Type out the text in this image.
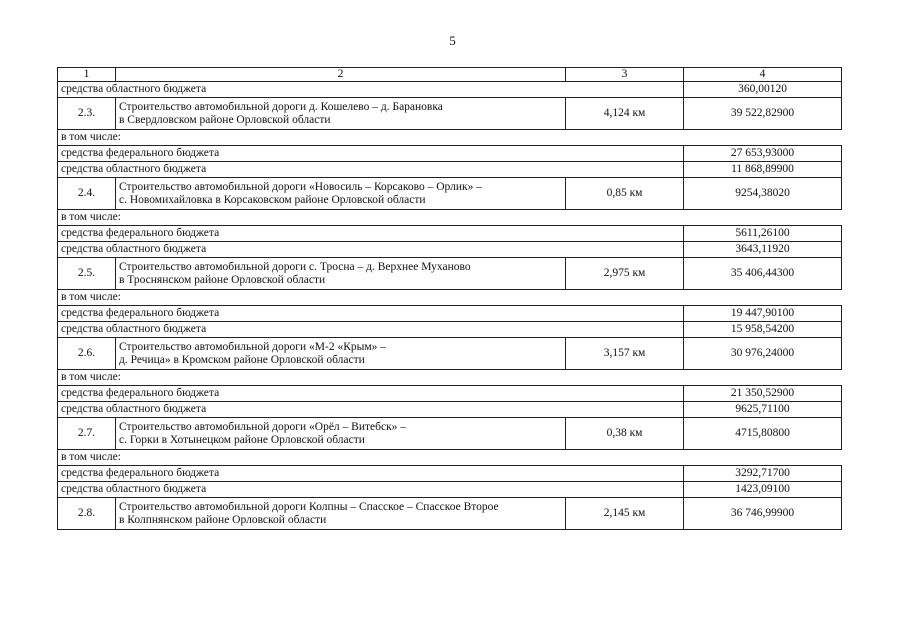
5
1	2	3	4
средства областного бюджета			360,00120
2.3.	Строительство автомобильной дороги д. Кошелево – д. Барановка
в Свердловском районе Орловской области	4,124 км	39 522,82900
в том числе:			
средства федерального бюджета			27 653,93000
средства областного бюджета			11 868,89900
2.4.	Строительство автомобильной дороги «Новосиль – Корсаково – Орлик» –
с. Новомихайловка в Корсаковском районе Орловской области	0,85 км	9254,38020
в том числе:			
средства федерального бюджета			5611,26100
средства областного бюджета			3643,11920
2.5.	Строительство автомобильной дороги с. Тросна – д. Верхнее Муханово
в Троснянском районе Орловской области	2,975 км	35 406,44300
в том числе:			
средства федерального бюджета			19 447,90100
средства областного бюджета			15 958,54200
2.6.	Строительство автомобильной дороги «М-2 «Крым» –
д. Речица» в Кромском районе Орловской области	3,157 км	30 976,24000
в том числе:			
средства федерального бюджета			21 350,52900
средства областного бюджета			9625,71100
2.7.	Строительство автомобильной дороги «Орёл – Витебск» –
с. Горки в Хотынецком районе Орловской области	0,38 км	4715,80800
в том числе:			
средства федерального бюджета			3292,71700
средства областного бюджета			1423,09100
2.8.	Строительство автомобильной дороги Колпны – Спасское – Спасское Второе
в Колпнянском районе Орловской области	2,145 км	36 746,99900
